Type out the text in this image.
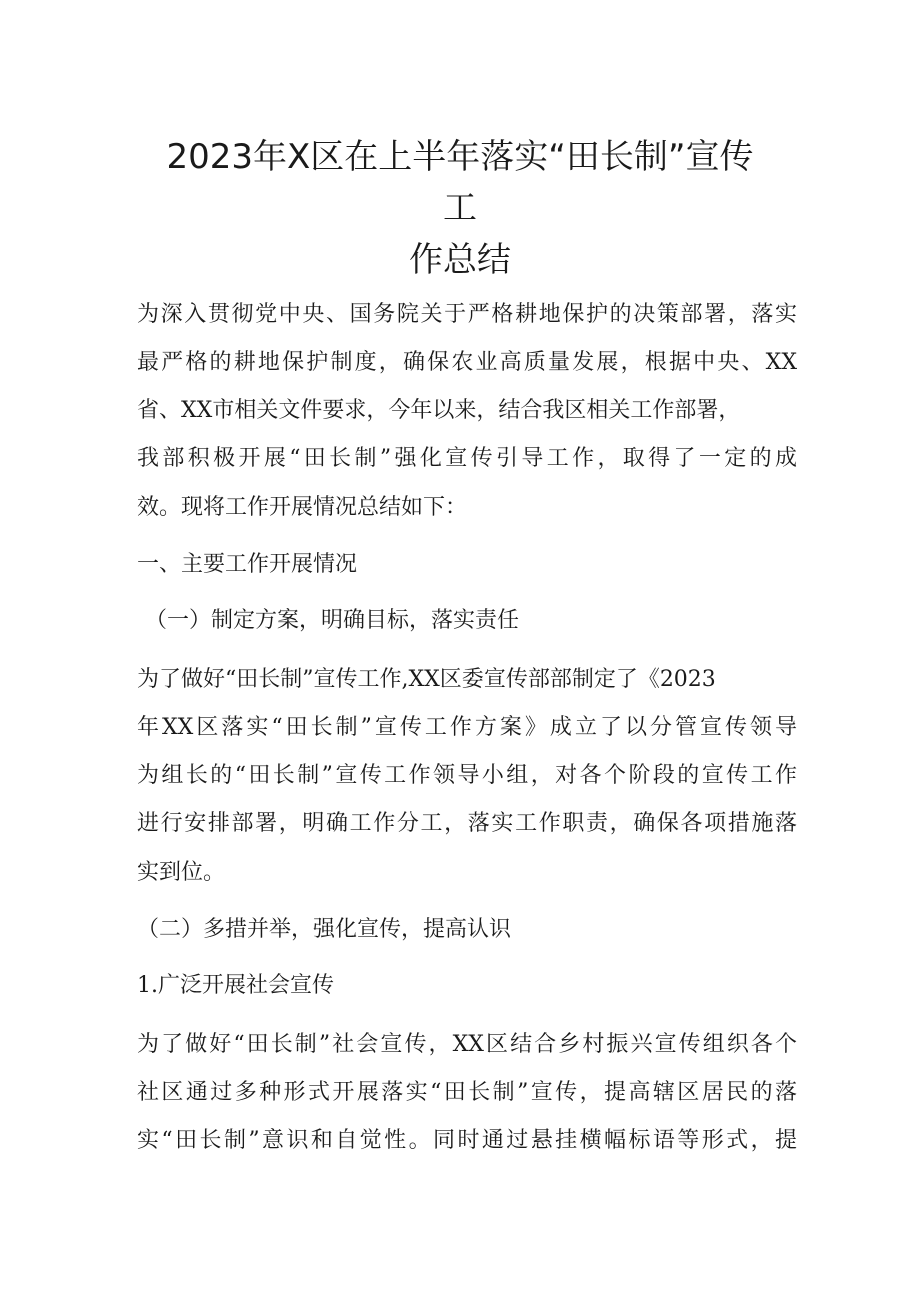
2023年X区在上半年落实“田长制”宣传
工
作总结

为深入贯彻党中央、国务院关于严格耕地保护的决策部署，落实

最严格的耕地保护制度，确保农业高质量发展，根据中央、XX

省、XX市相关文件要求，今年以来，结合我区相关工作部署，

我部积极开展“田长制”强化宣传引导工作，取得了一定的成

效。现将工作开展情况总结如下：

一、主要工作开展情况

（一）制定方案，明确目标，落实责任

为了做好“田长制”宣传工作,XX区委宣传部部制定了《2023

年XX区落实“田长制”宣传工作方案》成立了以分管宣传领导

为组长的“田长制”宣传工作领导小组，对各个阶段的宣传工作

进行安排部署，明确工作分工，落实工作职责，确保各项措施落

实到位。

（二）多措并举，强化宣传，提高认识

1.广泛开展社会宣传

为了做好“田长制”社会宣传，XX区结合乡村振兴宣传组织各个

社区通过多种形式开展落实“田长制”宣传，提高辖区居民的落

实“田长制”意识和自觉性。同时通过悬挂横幅标语等形式，提
